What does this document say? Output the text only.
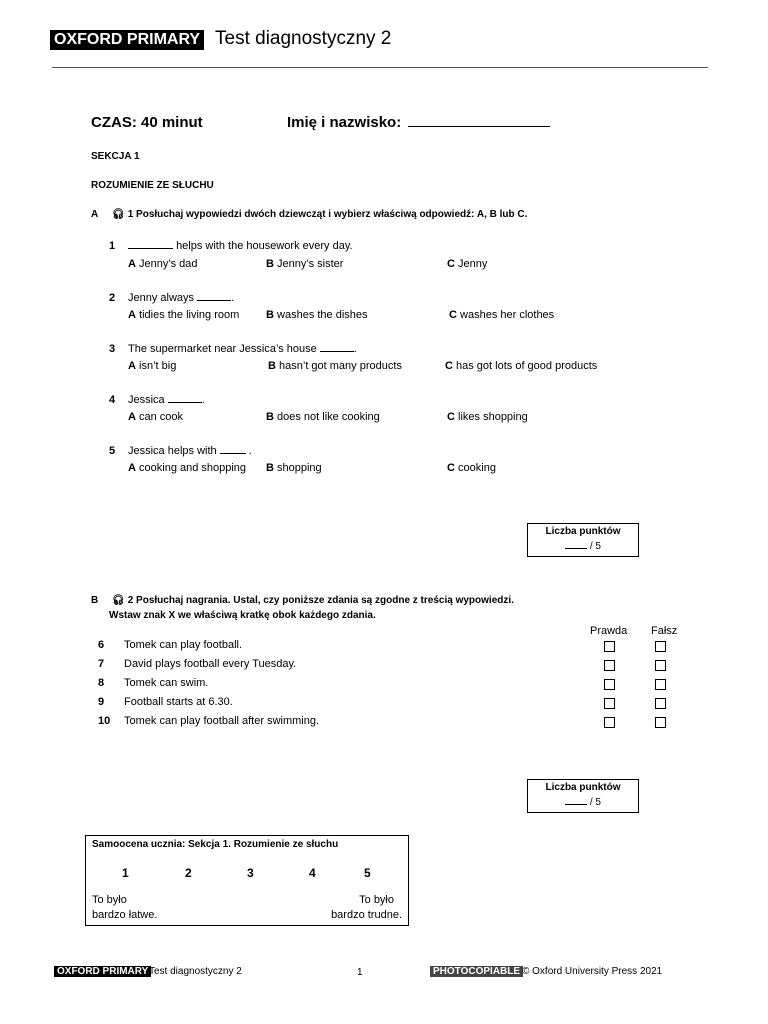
OXFORD PRIMARY Test diagnostyczny 2
CZAS: 40 minut	Imię i nazwisko:
SEKCJA 1
ROZUMIENIE ZE SŁUCHU
A 🎧︎ 1 Posłuchaj wypowiedzi dwóch dziewcząt i wybierz właściwą odpowiedź: A, B lub C.
1	helps with the housework every day.
A Jenny’s dad	B Jenny’s sister	C Jenny
2 Jenny always	.
A tidies the living room B washes the dishes	C washes her clothes
3 The supermarket near Jessica’s house	.
A isn’t big	B hasn’t got many products	C has got lots of good products
4 Jessica	.
A can cook	B does not like cooking	C likes shopping
5 Jessica helps with	.
A cooking and shopping B shopping	C cooking
Liczba punktów
/ 5
B 🎧︎ 2 Posłuchaj nagrania. Ustal, czy poniższe zdania są zgodne z treścią wypowiedzi.
Wstaw znak X we właściwą kratkę obok każdego zdania.
Prawda Fałsz
6 Tomek can play football.
7 David plays football every Tuesday.
8 Tomek can swim.
9 Football starts at 6.30.
10 Tomek can play football after swimming.
Liczba punktów
/ 5
Samoocena ucznia: Sekcja 1. Rozumienie ze słuchu
1	2	3	4	5
To było
bardzo łatwe.
To było
bardzo trudne.
OXFORD PRIMARY Test diagnostyczny 2	1	PHOTOCOPIABLE © Oxford University Press 2021
